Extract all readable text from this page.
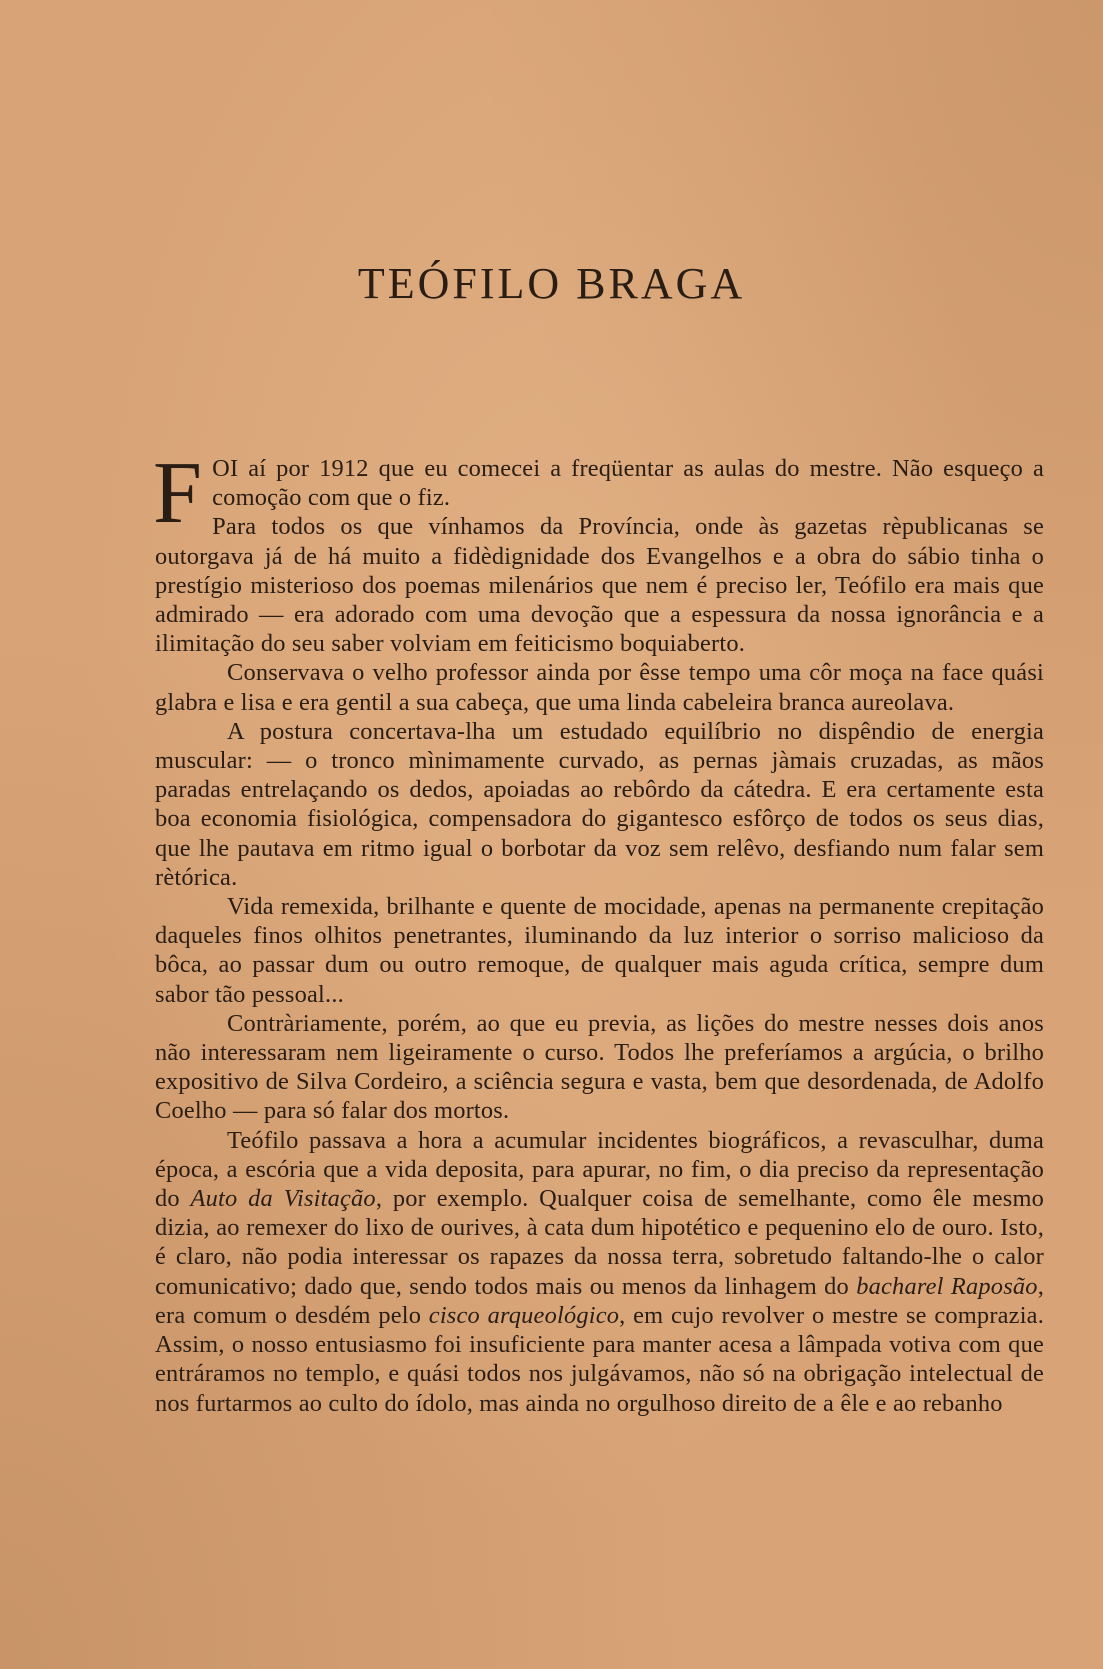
TEÓFILO BRAGA

FOI aí por 1912 que eu comecei a freqüentar as aulas do mestre. Não esqueço a comoção com que o fiz.

Para todos os que vínhamos da Província, onde às gazetas rèpublicanas se outorgava já de há muito a fidèdignidade dos Evangelhos e a obra do sábio tinha o prestígio misterioso dos poemas milenários que nem é preciso ler, Teófilo era mais que admirado — era adorado com uma devoção que a espessura da nossa ignorância e a ilimitação do seu saber volviam em feiticismo boquiaberto.

Conservava o velho professor ainda por êsse tempo uma côr moça na face quási glabra e lisa e era gentil a sua cabeça, que uma linda cabeleira branca aureolava.

A postura concertava-lha um estudado equilíbrio no dispêndio de energia muscular: — o tronco mìnimamente curvado, as pernas jàmais cruzadas, as mãos paradas entrelaçando os dedos, apoiadas ao rebôrdo da cátedra. E era certamente esta boa economia fisiológica, compensadora do gigantesco esfôrço de todos os seus dias, que lhe pautava em ritmo igual o borbotar da voz sem relêvo, desfiando num falar sem rètórica.

Vida remexida, brilhante e quente de mocidade, apenas na permanente crepitação daqueles finos olhitos penetrantes, iluminando da luz interior o sorriso malicioso da bôca, ao passar dum ou outro remoque, de qualquer mais aguda crítica, sempre dum sabor tão pessoal...

Contràriamente, porém, ao que eu previa, as lições do mestre nesses dois anos não interessaram nem ligeiramente o curso. Todos lhe preferíamos a argúcia, o brilho expositivo de Silva Cordeiro, a sciência segura e vasta, bem que desordenada, de Adolfo Coelho — para só falar dos mortos.

Teófilo passava a hora a acumular incidentes biográficos, a revasculhar, duma época, a escória que a vida deposita, para apurar, no fim, o dia preciso da representação do Auto da Visitação, por exemplo. Qualquer coisa de semelhante, como êle mesmo dizia, ao remexer do lixo de ourives, à cata dum hipotético e pequenino elo de ouro. Isto, é claro, não podia interessar os rapazes da nossa terra, sobretudo faltando-lhe o calor comunicativo; dado que, sendo todos mais ou menos da linhagem do bacharel Raposão, era comum o desdém pelo cisco arqueológico, em cujo revolver o mestre se comprazia. Assim, o nosso entusiasmo foi insuficiente para manter acesa a lâmpada votiva com que entráramos no templo, e quási todos nos julgávamos, não só na obrigação intelectual de nos furtarmos ao culto do ídolo, mas ainda no orgulhoso direito de a êle e ao rebanho
